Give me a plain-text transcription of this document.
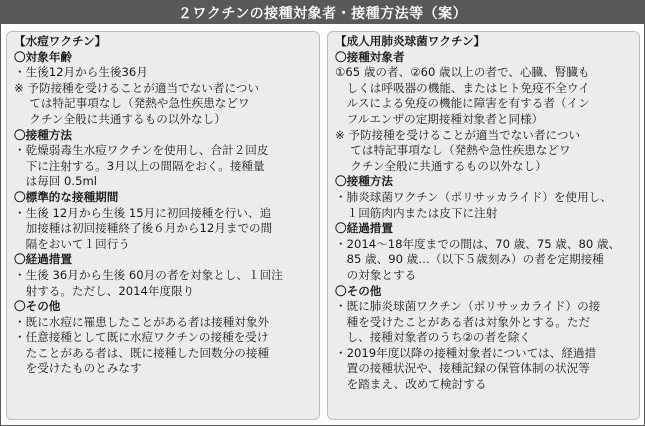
２ワクチンの接種対象者・接種方法等（案）
【水痘ワクチン】
〇対象年齢
・生後12月から生後36月
※ 予防接種を受けることが適当でない者につい
　 ては特記事項なし（発熱や急性疾患などワ
　 クチン全般に共通するもの以外なし）
〇接種方法
・乾燥弱毒生水痘ワクチンを使用し、合計２回皮
　下に注射する。3月以上の間隔をおく。接種量
　は毎回 0.5ml
〇標準的な接種期間
・生後 12月から生後 15月に初回接種を行い、追
　加接種は初回接種終了後６月から12月までの間
　隔をおいて１回行う
〇経過措置
・生後 36月から生後 60月の者を対象とし、１回注
　射する。ただし、2014年度限り
〇その他
・既に水痘に罹患したことがある者は接種対象外
・任意接種として既に水痘ワクチンの接種を受け
　たことがある者は、既に接種した回数分の接種
　を受けたものとみなす
【成人用肺炎球菌ワクチン】
〇接種対象者
①65 歳の者、②60 歳以上の者で、心臓、腎臓も
　しくは呼吸器の機能、またはヒト免疫不全ウイ
　ルスによる免疫の機能に障害を有する者（イン
　フルエンザの定期接種対象者と同様）
※ 予防接種を受けることが適当でない者につい
　 ては特記事項なし（発熱や急性疾患などワ
　 クチン全般に共通するもの以外なし）
〇接種方法
・肺炎球菌ワクチン（ポリサッカライド）を使用し、
　１回筋肉内または皮下に注射
〇経過措置
・2014〜18年度までの間は、70 歳、75 歳、80 歳、
　85 歳、90 歳…（以下５歳刻み）の者を定期接種
　の対象とする
〇その他
・既に肺炎球菌ワクチン（ポリサッカライド）の接
　種を受けたことがある者は対象外とする。ただ
　し、接種対象者のうち②の者を除く
・2019年度以降の接種対象者については、経過措
　置の接種状況や、接種記録の保管体制の状況等
　を踏まえ、改めて検討する
